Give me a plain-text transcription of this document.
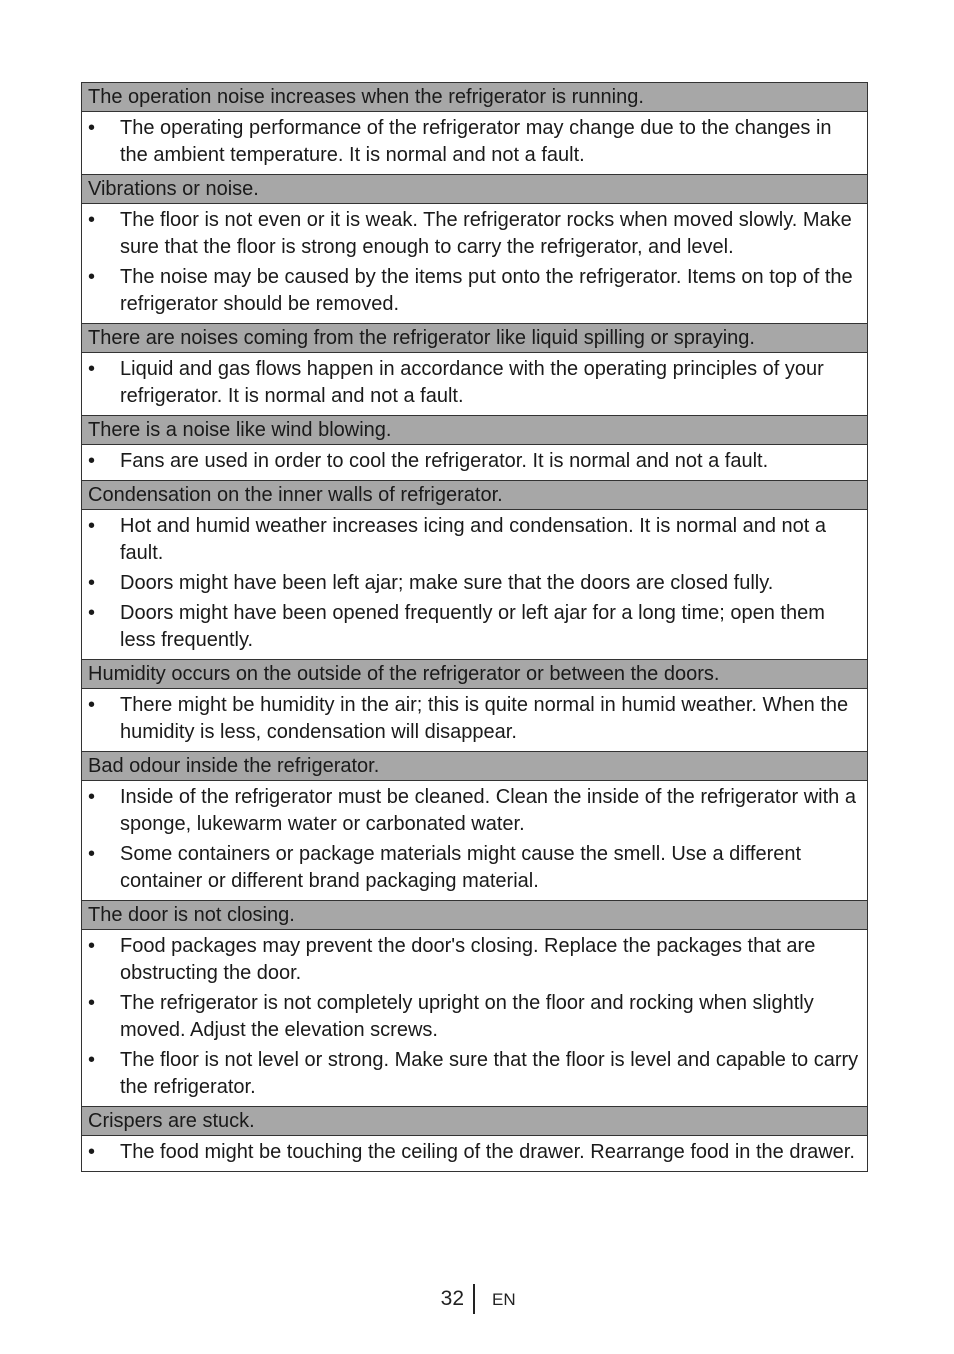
The operation noise increases when the refrigerator is running.
•	The operating performance of the refrigerator may change due to the changes in the ambient temperature. It is normal and not a fault.
Vibrations or noise.
•	The floor is not even or it is weak. The refrigerator rocks when moved slowly. Make sure that the floor is strong enough to carry the refrigerator, and level.
•	The noise may be caused by the items put onto the refrigerator. Items on top of the refrigerator should be removed.
There are noises coming from the refrigerator like liquid spilling or spraying.
•	Liquid and gas flows happen in accordance with the operating principles of your refrigerator. It is normal and not a fault.
There is a noise like wind blowing.
•	Fans are used in order to cool the refrigerator. It is normal and not a fault.
Condensation on the inner walls of refrigerator.
•	Hot and humid weather increases icing and condensation. It is normal and not a fault.
•	Doors might have been left ajar; make sure that the doors are closed fully.
•	Doors might have been opened frequently or left ajar for a long time; open them less frequently.
Humidity occurs on the outside of the refrigerator or between the doors.
•	There might be humidity in the air; this is quite normal in humid weather. When the humidity is less, condensation will disappear.
Bad odour inside the refrigerator.
•	Inside of the refrigerator must be cleaned. Clean the inside of the refrigerator with a sponge, lukewarm water or carbonated water.
•	Some containers or package materials might cause the smell. Use a different container or different brand packaging material.
The door is not closing.
•	Food packages may prevent the door's closing. Replace the packages that are obstructing the door.
•	The refrigerator is not completely upright on the floor and rocking when slightly moved. Adjust the elevation screws.
•	The floor is not level or strong. Make sure that the floor is level and capable to carry the refrigerator.
Crispers are stuck.
•	The food might be touching the ceiling of the drawer. Rearrange food in the drawer.
32 EN
